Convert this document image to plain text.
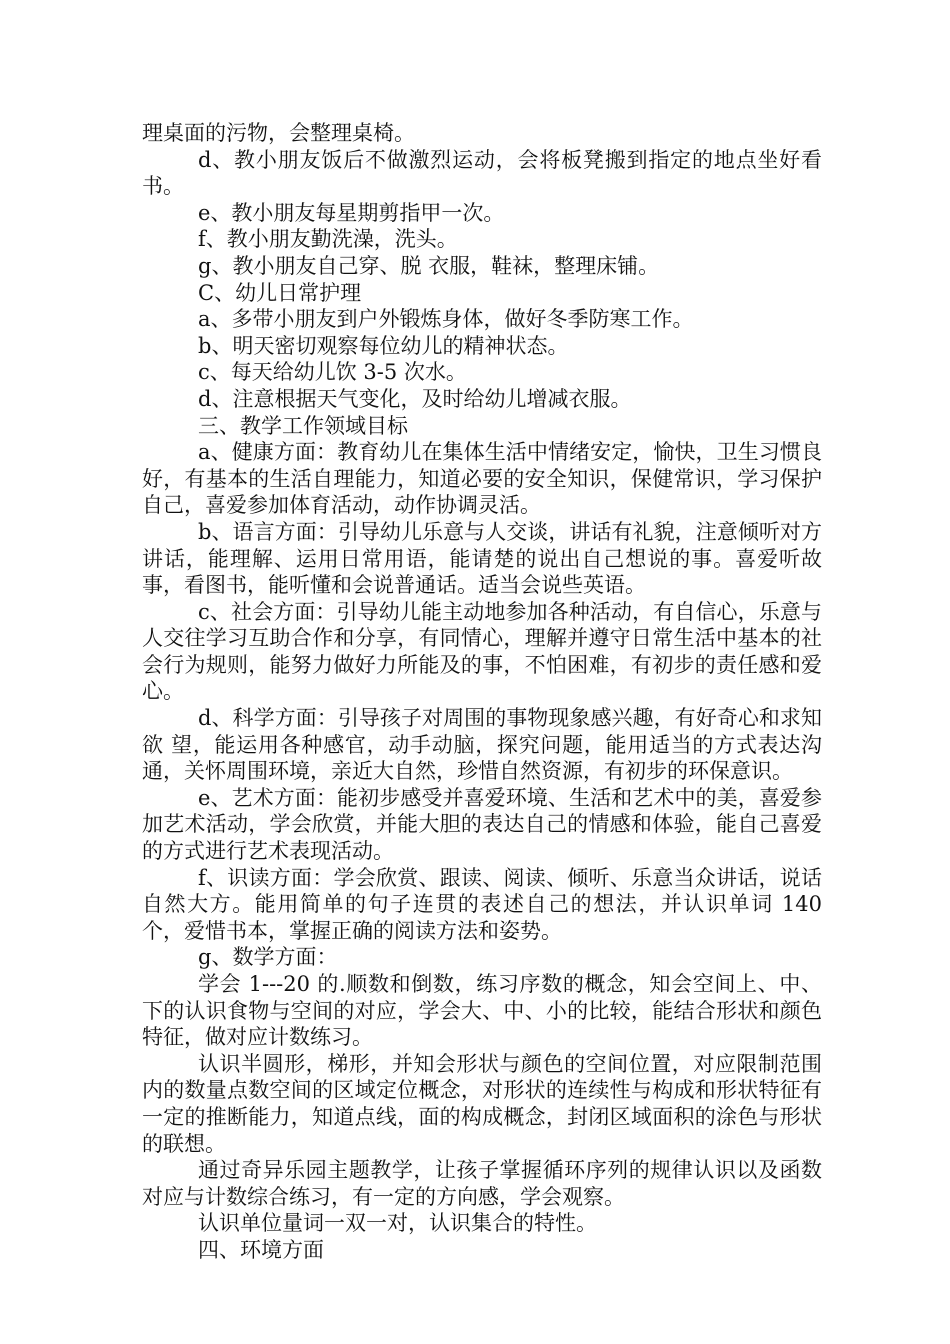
理桌面的污物，会整理桌椅。

d、教小朋友饭后不做激烈运动，会将板凳搬到指定的地点坐好看书。

e、教小朋友每星期剪指甲一次。

f、教小朋友勤洗澡，洗头。

g、教小朋友自己穿、脱 衣服，鞋袜，整理床铺。

C、幼儿日常护理

a、多带小朋友到户外锻炼身体，做好冬季防寒工作。

b、明天密切观察每位幼儿的精神状态。

c、每天给幼儿饮 3-5 次水。

d、注意根据天气变化，及时给幼儿增减衣服。

三、教学工作领域目标

a、健康方面：教育幼儿在集体生活中情绪安定，愉快，卫生习惯良好，有基本的生活自理能力，知道必要的安全知识，保健常识，学习保护自己，喜爱参加体育活动，动作协调灵活。

b、语言方面：引导幼儿乐意与人交谈，讲话有礼貌，注意倾听对方讲话，能理解、运用日常用语，能请楚的说出自己想说的事。喜爱听故事，看图书，能听懂和会说普通话。适当会说些英语。

c、社会方面：引导幼儿能主动地参加各种活动，有自信心，乐意与人交往学习互助合作和分享，有同情心，理解并遵守日常生活中基本的社会行为规则，能努力做好力所能及的事，不怕困难，有初步的责任感和爱心。

d、科学方面：引导孩子对周围的事物现象感兴趣，有好奇心和求知欲 望，能运用各种感官，动手动脑，探究问题，能用适当的方式表达沟通，关怀周围环境，亲近大自然，珍惜自然资源，有初步的环保意识。

e、艺术方面：能初步感受并喜爱环境、生活和艺术中的美，喜爱参加艺术活动，学会欣赏，并能大胆的表达自己的情感和体验，能自己喜爱的方式进行艺术表现活动。

f、识读方面：学会欣赏、跟读、阅读、倾听、乐意当众讲话，说话自然大方。能用简单的句子连贯的表述自己的想法，并认识单词 140 个，爱惜书本，掌握正确的阅读方法和姿势。

g、数学方面：

学会 1---20 的.顺数和倒数，练习序数的概念，知会空间上、中、下的认识食物与空间的对应，学会大、中、小的比较，能结合形状和颜色特征，做对应计数练习。

认识半圆形，梯形，并知会形状与颜色的空间位置，对应限制范围内的数量点数空间的区域定位概念，对形状的连续性与构成和形状特征有一定的推断能力，知道点线，面的构成概念，封闭区域面积的涂色与形状的联想。

通过奇异乐园主题教学，让孩子掌握循环序列的规律认识以及函数对应与计数综合练习，有一定的方向感，学会观察。

认识单位量词一双一对，认识集合的特性。

四、环境方面
